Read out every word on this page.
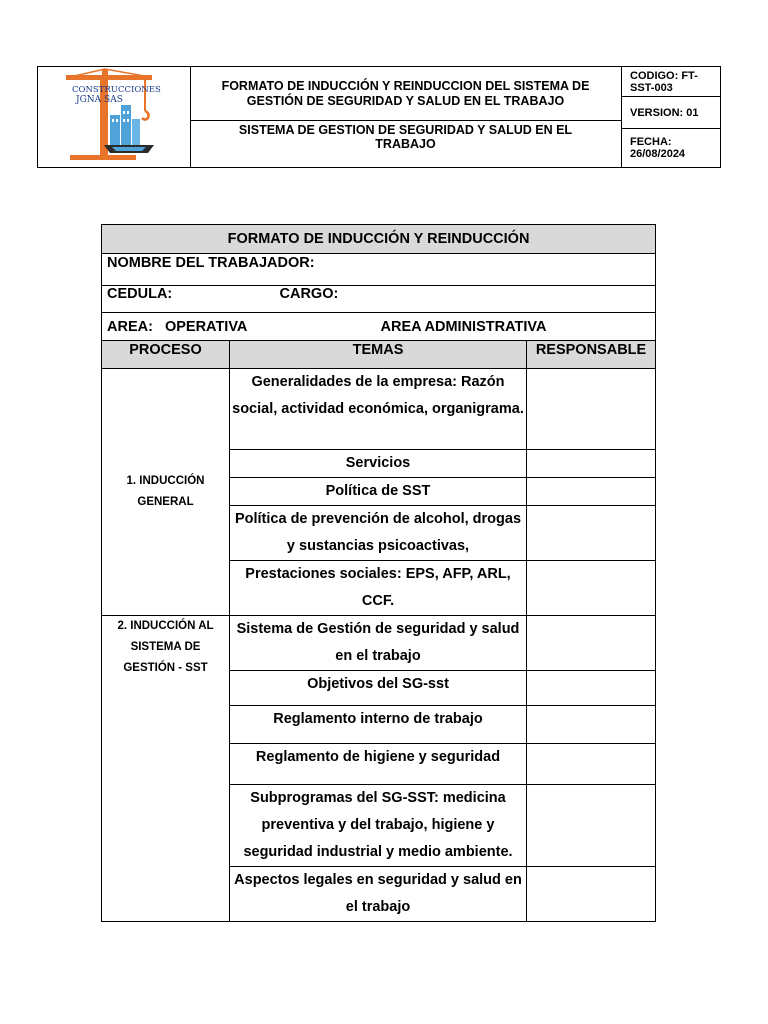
CONSTRUCCIONES
JGNA SAS
FORMATO DE INDUCCIÓN Y REINDUCCION DEL SISTEMA DE GESTIÓN DE SEGURIDAD Y SALUD EN EL TRABAJO
SISTEMA DE GESTION DE SEGURIDAD Y SALUD EN EL TRABAJO
CODIGO: FT-SST-003
VERSION: 01
FECHA: 26/08/2024
FORMATO DE INDUCCIÓN Y REINDUCCIÓN		
NOMBRE DEL TRABAJADOR:		
CEDULA: CARGO:		

AREA: OPERATIVA AREA ADMINISTRATIVA		

PROCESO	TEMAS	RESPONSABLE
1. INDUCCIÓN GENERAL	Generalidades de la empresa: Razón social, actividad económica, organigrama.	
	Servicios	
	Política de SST	
	Política de prevención de alcohol, drogas y sustancias psicoactivas,	
	Prestaciones sociales: EPS, AFP, ARL, CCF.	
2. INDUCCIÓN AL SISTEMA DE GESTIÓN - SST	Sistema de Gestión de seguridad y salud en el trabajo	
	Objetivos del SG-sst	
	Reglamento interno de trabajo	
	Reglamento de higiene y seguridad	
	Subprogramas del SG-SST: medicina preventiva y del trabajo, higiene y seguridad industrial y medio ambiente.	
	Aspectos legales en seguridad y salud en el trabajo	
